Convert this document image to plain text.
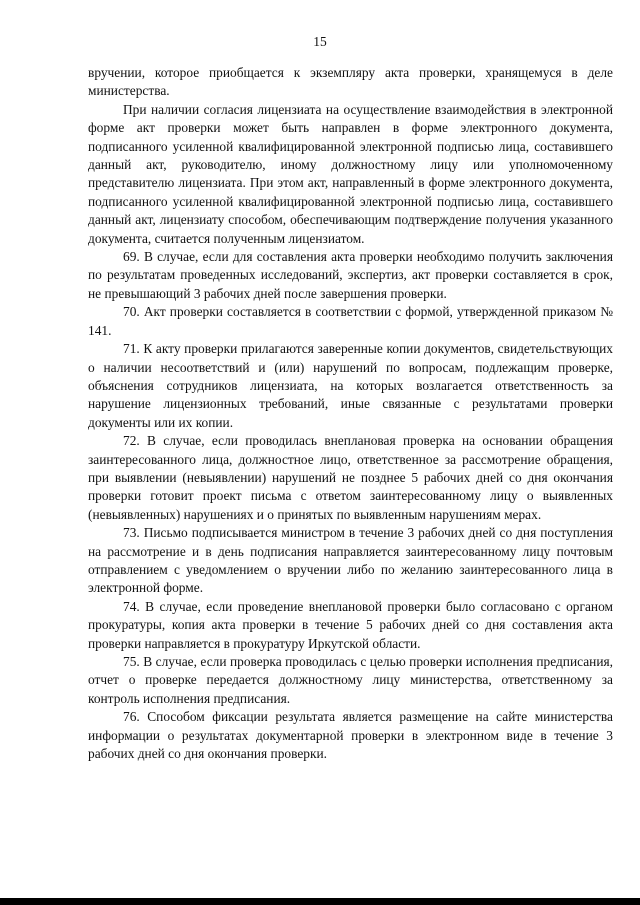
15

вручении, которое приобщается к экземпляру акта проверки, хранящемуся в деле министерства.

При наличии согласия лицензиата на осуществление взаимодействия в электронной форме акт проверки может быть направлен в форме электронного документа, подписанного усиленной квалифицированной электронной подписью лица, составившего данный акт, руководителю, иному должностному лицу или уполномоченному представителю лицензиата. При этом акт, направленный в форме электронного документа, подписанного усиленной квалифицированной электронной подписью лица, составившего данный акт, лицензиату способом, обеспечивающим подтверждение получения указанного документа, считается полученным лицензиатом.

69. В случае, если для составления акта проверки необходимо получить заключения по результатам проведенных исследований, экспертиз, акт проверки составляется в срок, не превышающий 3 рабочих дней после завершения проверки.

70. Акт проверки составляется в соответствии с формой, утвержденной приказом № 141.

71. К акту проверки прилагаются заверенные копии документов, свидетельствующих о наличии несоответствий и (или) нарушений по вопросам, подлежащим проверке, объяснения сотрудников лицензиата, на которых возлагается ответственность за нарушение лицензионных требований, иные связанные с результатами проверки документы или их копии.

72. В случае, если проводилась внеплановая проверка на основании обращения заинтересованного лица, должностное лицо, ответственное за рассмотрение обращения, при выявлении (невыявлении) нарушений не позднее 5 рабочих дней со дня окончания проверки готовит проект письма с ответом заинтересованному лицу о выявленных (невыявленных) нарушениях и о принятых по выявленным нарушениям мерах.

73. Письмо подписывается министром в течение 3 рабочих дней со дня поступления на рассмотрение и в день подписания направляется заинтересованному лицу почтовым отправлением с уведомлением о вручении либо по желанию заинтересованного лица в электронной форме.

74. В случае, если проведение внеплановой проверки было согласовано с органом прокуратуры, копия акта проверки в течение 5 рабочих дней со дня составления акта проверки направляется в прокуратуру Иркутской области.

75. В случае, если проверка проводилась с целью проверки исполнения предписания, отчет о проверке передается должностному лицу министерства, ответственному за контроль исполнения предписания.

76. Способом фиксации результата является размещение на сайте министерства информации о результатах документарной проверки в электронном виде в течение 3 рабочих дней со дня окончания проверки.
